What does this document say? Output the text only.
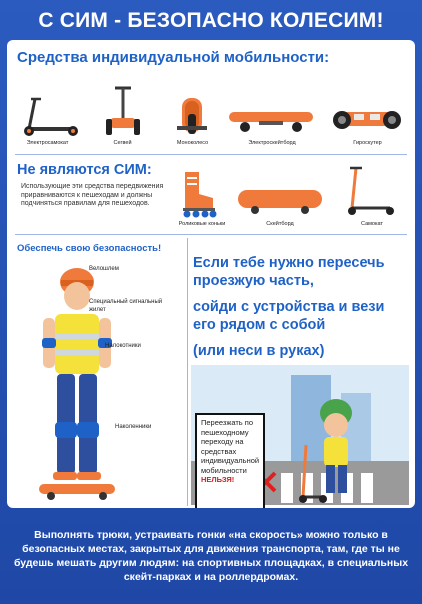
С СИМ - БЕЗОПАСНО КОЛЕСИМ!
Средства индивидуальной мобильности:
Электросамокат	Сегвей	Моноколесо	Электроскейтборд	Гироскутер
Не являются СИМ:
Использующие эти средства передвижения приравниваются к пешеходам и должны подчиняться правилам для пешеходов.
Роликовые коньки	Скейтборд	Самокат
Обеспечь свою безопасность!
Велошлем
Специальный сигнальный жилет
Налокотники
Наколенники

Если тебе нужно пересечь проезжую часть,

сойди с устройства и вези его рядом с собой

(или неси в руках)

Переезжать по пешеходному переходу на средствах индивидуальной мобильности НЕЛЬЗЯ!
Выполнять трюки, устраивать гонки «на скорость» можно только в безопасных местах, закрытых для движения транспорта, там, где ты не будешь мешать другим людям: на спортивных площадках, в специальных скейт-парках и на роллердромах.
